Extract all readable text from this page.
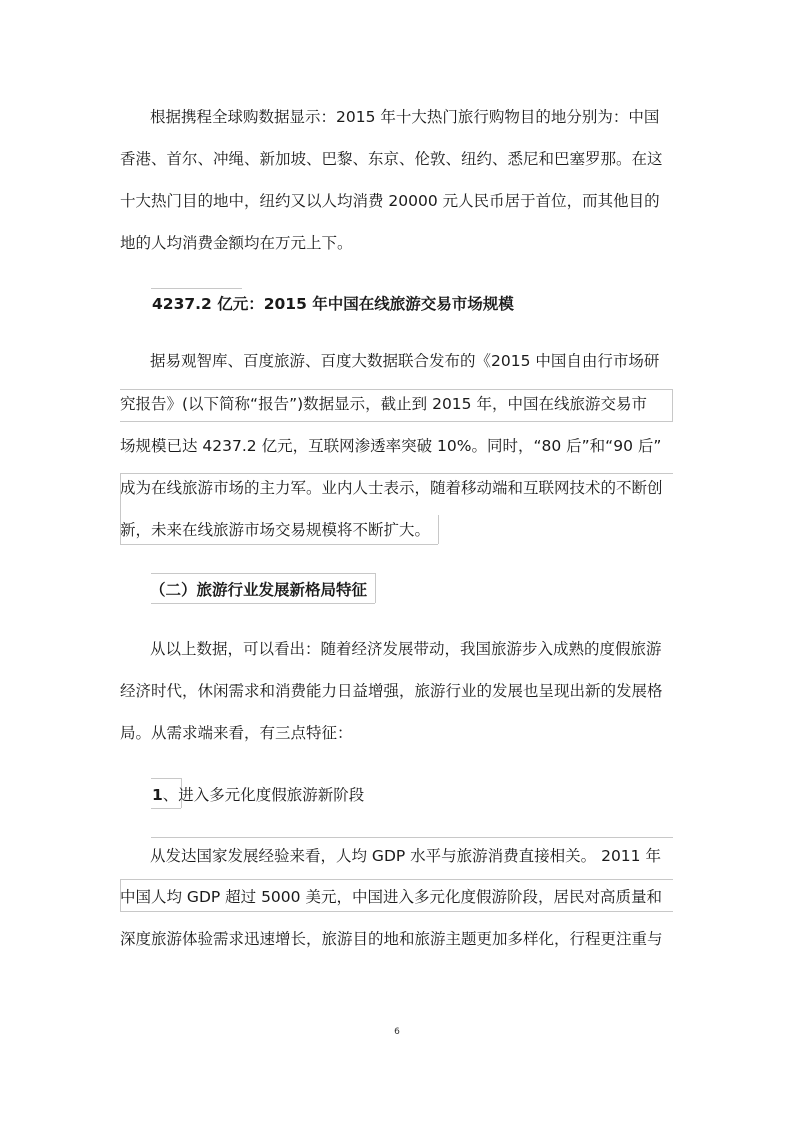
根据携程全球购数据显示：2015 年十大热门旅行购物目的地分别为：中国
香港、首尔、冲绳、新加坡、巴黎、东京、伦敦、纽约、悉尼和巴塞罗那。在这
十大热门目的地中，纽约又以人均消费 20000 元人民币居于首位，而其他目的
地的人均消费金额均在万元上下。
4237.2 亿元：2015 年中国在线旅游交易市场规模
据易观智库、百度旅游、百度大数据联合发布的《2015 中国自由行市场研
究报告》(以下简称“报告”)数据显示，截止到 2015 年，中国在线旅游交易市
场规模已达 4237.2 亿元，互联网渗透率突破 10%。同时，“80 后”和“90 后”
成为在线旅游市场的主力军。业内人士表示，随着移动端和互联网技术的不断创
新，未来在线旅游市场交易规模将不断扩大。
（二）旅游行业发展新格局特征
从以上数据，可以看出：随着经济发展带动，我国旅游步入成熟的度假旅游
经济时代，休闲需求和消费能力日益增强，旅游行业的发展也呈现出新的发展格
局。从需求端来看，有三点特征：
1、进入多元化度假旅游新阶段
从发达国家发展经验来看，人均 GDP 水平与旅游消费直接相关。 2011 年
中国人均 GDP 超过 5000 美元，中国进入多元化度假游阶段，居民对高质量和
深度旅游体验需求迅速增长，旅游目的地和旅游主题更加多样化，行程更注重与
6
